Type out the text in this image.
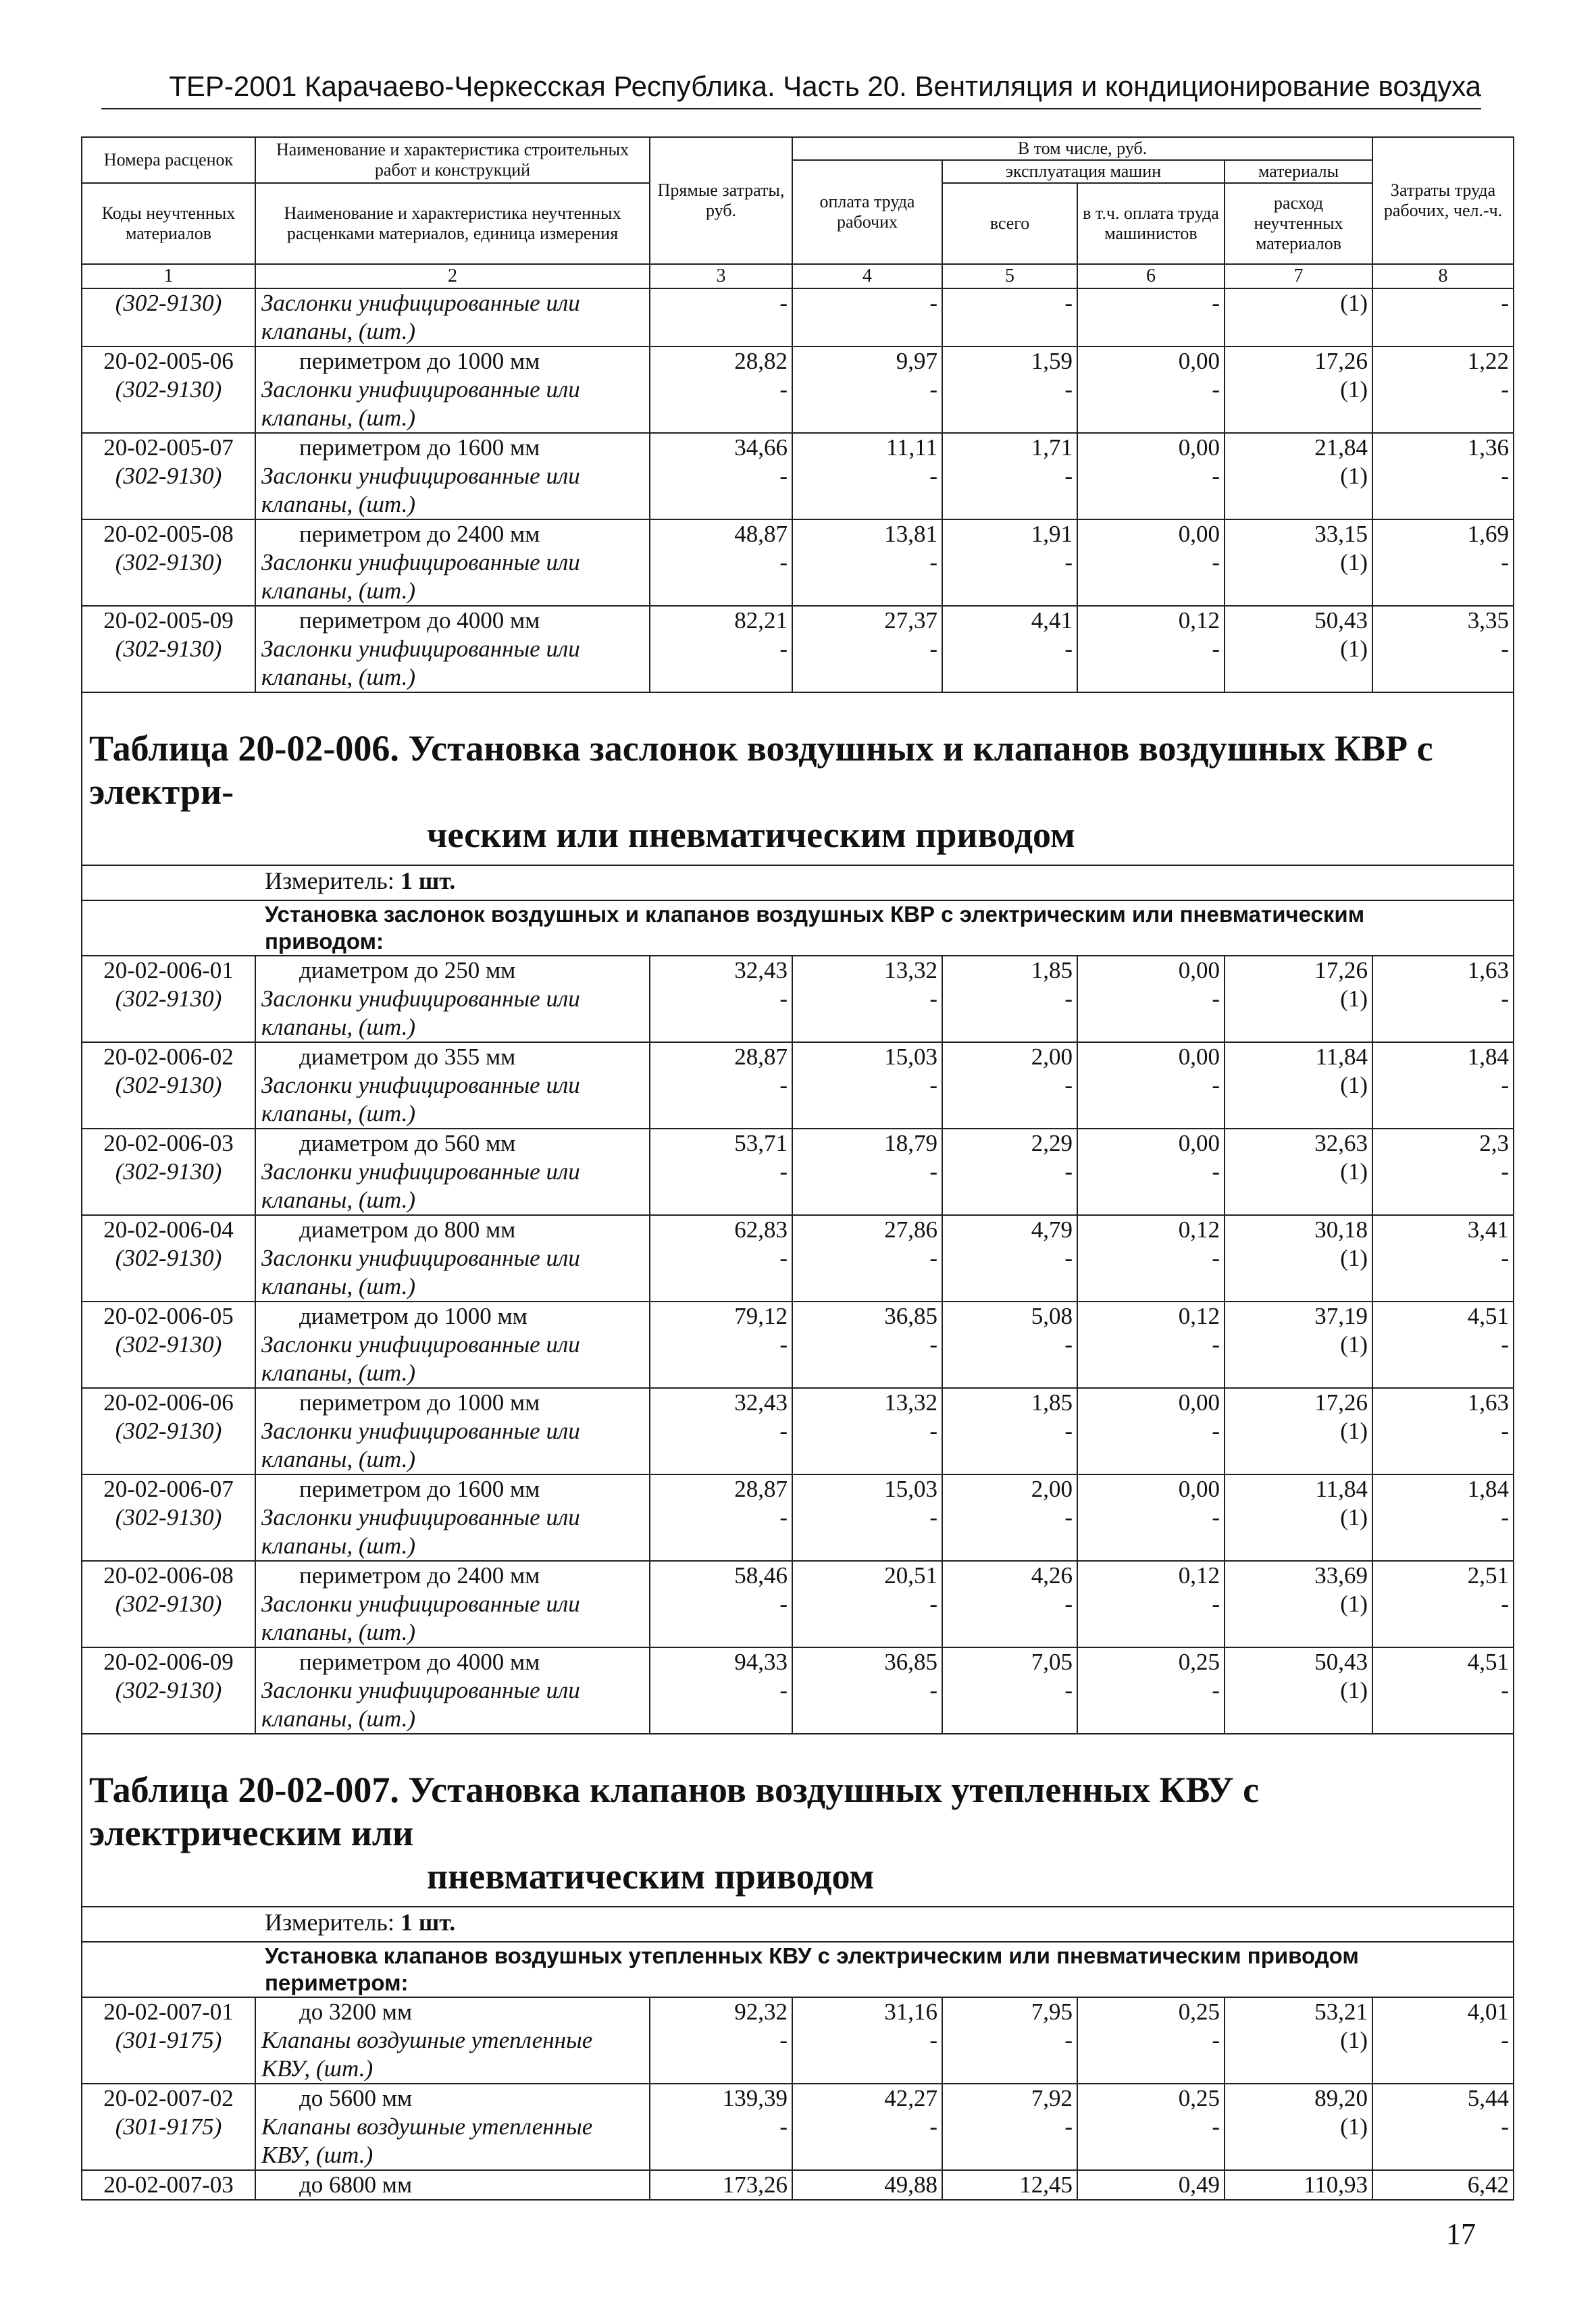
ТЕР-2001 Карачаево-Черкесская Республика. Часть 20. Вентиляция и кондиционирование воздуха
Номера расценок	Наименование и характеристика строительных работ и конструкций	Прямые затраты, руб.	В том числе, руб.				Затраты труда рабочих, чел.-ч.
			оплата труда рабочих	эксплуатация машин		материалы	
Коды неучтенных материалов	Наименование и характеристика неучтенных расценками материалов, единица измерения			всего	в т.ч. оплата труда машинистов	расход неучтенных материалов	

1	2	3	4	5	6	7	8
(302-9130)	Заслонки унифицированные или клапаны, (шт.)	-	-	-	-	(1)	-
20-02-005-06	периметром до 1000 мм	28,82	9,97	1,59	0,00	17,26	1,22
(302-9130)	Заслонки унифицированные или клапаны, (шт.)	-	-	-	-	(1)	-
20-02-005-07	периметром до 1600 мм	34,66	11,11	1,71	0,00	21,84	1,36
(302-9130)	Заслонки унифицированные или клапаны, (шт.)	-	-	-	-	(1)	-
20-02-005-08	периметром до 2400 мм	48,87	13,81	1,91	0,00	33,15	1,69
(302-9130)	Заслонки унифицированные или клапаны, (шт.)	-	-	-	-	(1)	-
20-02-005-09	периметром до 4000 мм	82,21	27,37	4,41	0,12	50,43	3,35
(302-9130)	Заслонки унифицированные или клапаны, (шт.)	-	-	-	-	(1)	-
Таблица 20-02-006. Установка заслонок воздушных и клапанов воздушных КВР с электри-
ческим или пневматическим приводом							

Измеритель: 1 шт.							
Установка заслонок воздушных и клапанов воздушных КВР с электрическим или пневматическим приводом:							
20-02-006-01	диаметром до 250 мм	32,43	13,32	1,85	0,00	17,26	1,63
(302-9130)	Заслонки унифицированные или клапаны, (шт.)	-	-	-	-	(1)	-
20-02-006-02	диаметром до 355 мм	28,87	15,03	2,00	0,00	11,84	1,84
(302-9130)	Заслонки унифицированные или клапаны, (шт.)	-	-	-	-	(1)	-
20-02-006-03	диаметром до 560 мм	53,71	18,79	2,29	0,00	32,63	2,3
(302-9130)	Заслонки унифицированные или клапаны, (шт.)	-	-	-	-	(1)	-
20-02-006-04	диаметром до 800 мм	62,83	27,86	4,79	0,12	30,18	3,41
(302-9130)	Заслонки унифицированные или клапаны, (шт.)	-	-	-	-	(1)	-
20-02-006-05	диаметром до 1000 мм	79,12	36,85	5,08	0,12	37,19	4,51
(302-9130)	Заслонки унифицированные или клапаны, (шт.)	-	-	-	-	(1)	-
20-02-006-06	периметром до 1000 мм	32,43	13,32	1,85	0,00	17,26	1,63
(302-9130)	Заслонки унифицированные или клапаны, (шт.)	-	-	-	-	(1)	-
20-02-006-07	периметром до 1600 мм	28,87	15,03	2,00	0,00	11,84	1,84
(302-9130)	Заслонки унифицированные или клапаны, (шт.)	-	-	-	-	(1)	-
20-02-006-08	периметром до 2400 мм	58,46	20,51	4,26	0,12	33,69	2,51
(302-9130)	Заслонки унифицированные или клапаны, (шт.)	-	-	-	-	(1)	-
20-02-006-09	периметром до 4000 мм	94,33	36,85	7,05	0,25	50,43	4,51
(302-9130)	Заслонки унифицированные или клапаны, (шт.)	-	-	-	-	(1)	-
Таблица 20-02-007. Установка клапанов воздушных утепленных КВУ с электрическим или
пневматическим приводом							

Измеритель: 1 шт.							
Установка клапанов воздушных утепленных КВУ с электрическим или пневматическим приводом периметром:							
20-02-007-01	до 3200 мм	92,32	31,16	7,95	0,25	53,21	4,01
(301-9175)	Клапаны воздушные утепленные КВУ, (шт.)	-	-	-	-	(1)	-
20-02-007-02	до 5600 мм	139,39	42,27	7,92	0,25	89,20	5,44
(301-9175)	Клапаны воздушные утепленные КВУ, (шт.)	-	-	-	-	(1)	-
20-02-007-03	до 6800 мм	173,26	49,88	12,45	0,49	110,93	6,42
17
